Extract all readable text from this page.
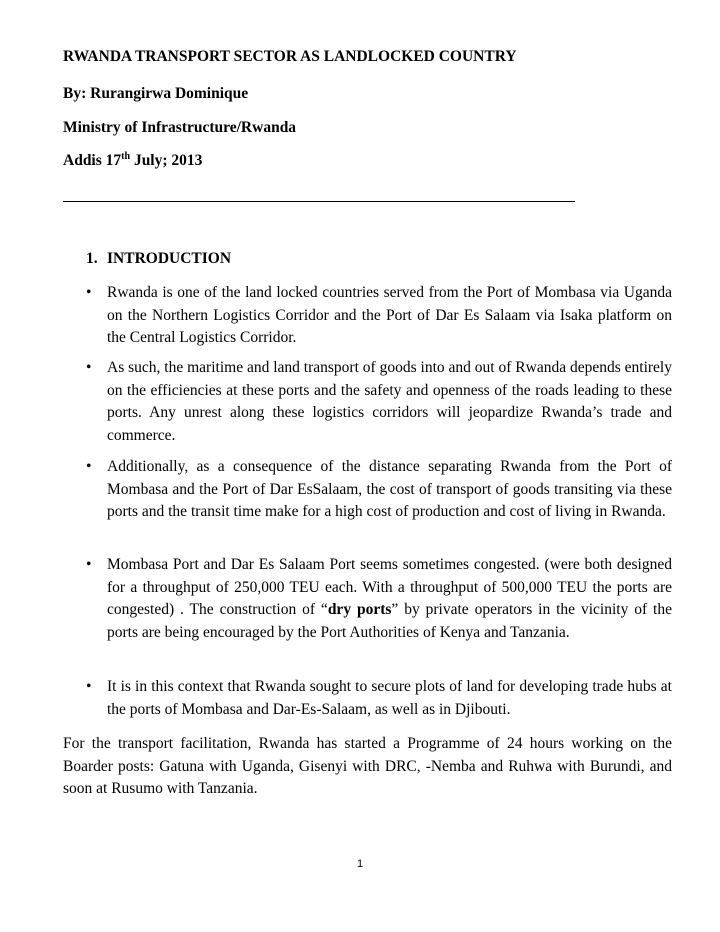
RWANDA TRANSPORT SECTOR AS LANDLOCKED COUNTRY
By: Rurangirwa Dominique
Ministry of Infrastructure/Rwanda
Addis 17th July; 2013
1. INTRODUCTION
•	Rwanda is one of the land locked countries served from the Port of Mombasa via Uganda on the Northern Logistics Corridor and the Port of Dar Es Salaam via Isaka platform on the Central Logistics Corridor.
•	As such, the maritime and land transport of goods into and out of Rwanda depends entirely on the efficiencies at these ports and the safety and openness of the roads leading to these ports. Any unrest along these logistics corridors will jeopardize Rwanda’s trade and commerce.
•	Additionally, as a consequence of the distance separating Rwanda from the Port of Mombasa and the Port of Dar EsSalaam, the cost of transport of goods transiting via these ports and the transit time make for a high cost of production and cost of living in Rwanda.
•	Mombasa Port and Dar Es Salaam Port seems sometimes congested. (were both designed for a throughput of 250,000 TEU each. With a throughput of 500,000 TEU the ports are congested) . The construction of “dry ports” by private operators in the vicinity of the ports are being encouraged by the Port Authorities of Kenya and Tanzania.
•	It is in this context that Rwanda sought to secure plots of land for developing trade hubs at the ports of Mombasa and Dar-Es-Salaam, as well as in Djibouti.
For the transport facilitation, Rwanda has started a Programme of 24 hours working on the Boarder posts: Gatuna with Uganda, Gisenyi with DRC, -Nemba and Ruhwa with Burundi, and soon at Rusumo with Tanzania.
1
